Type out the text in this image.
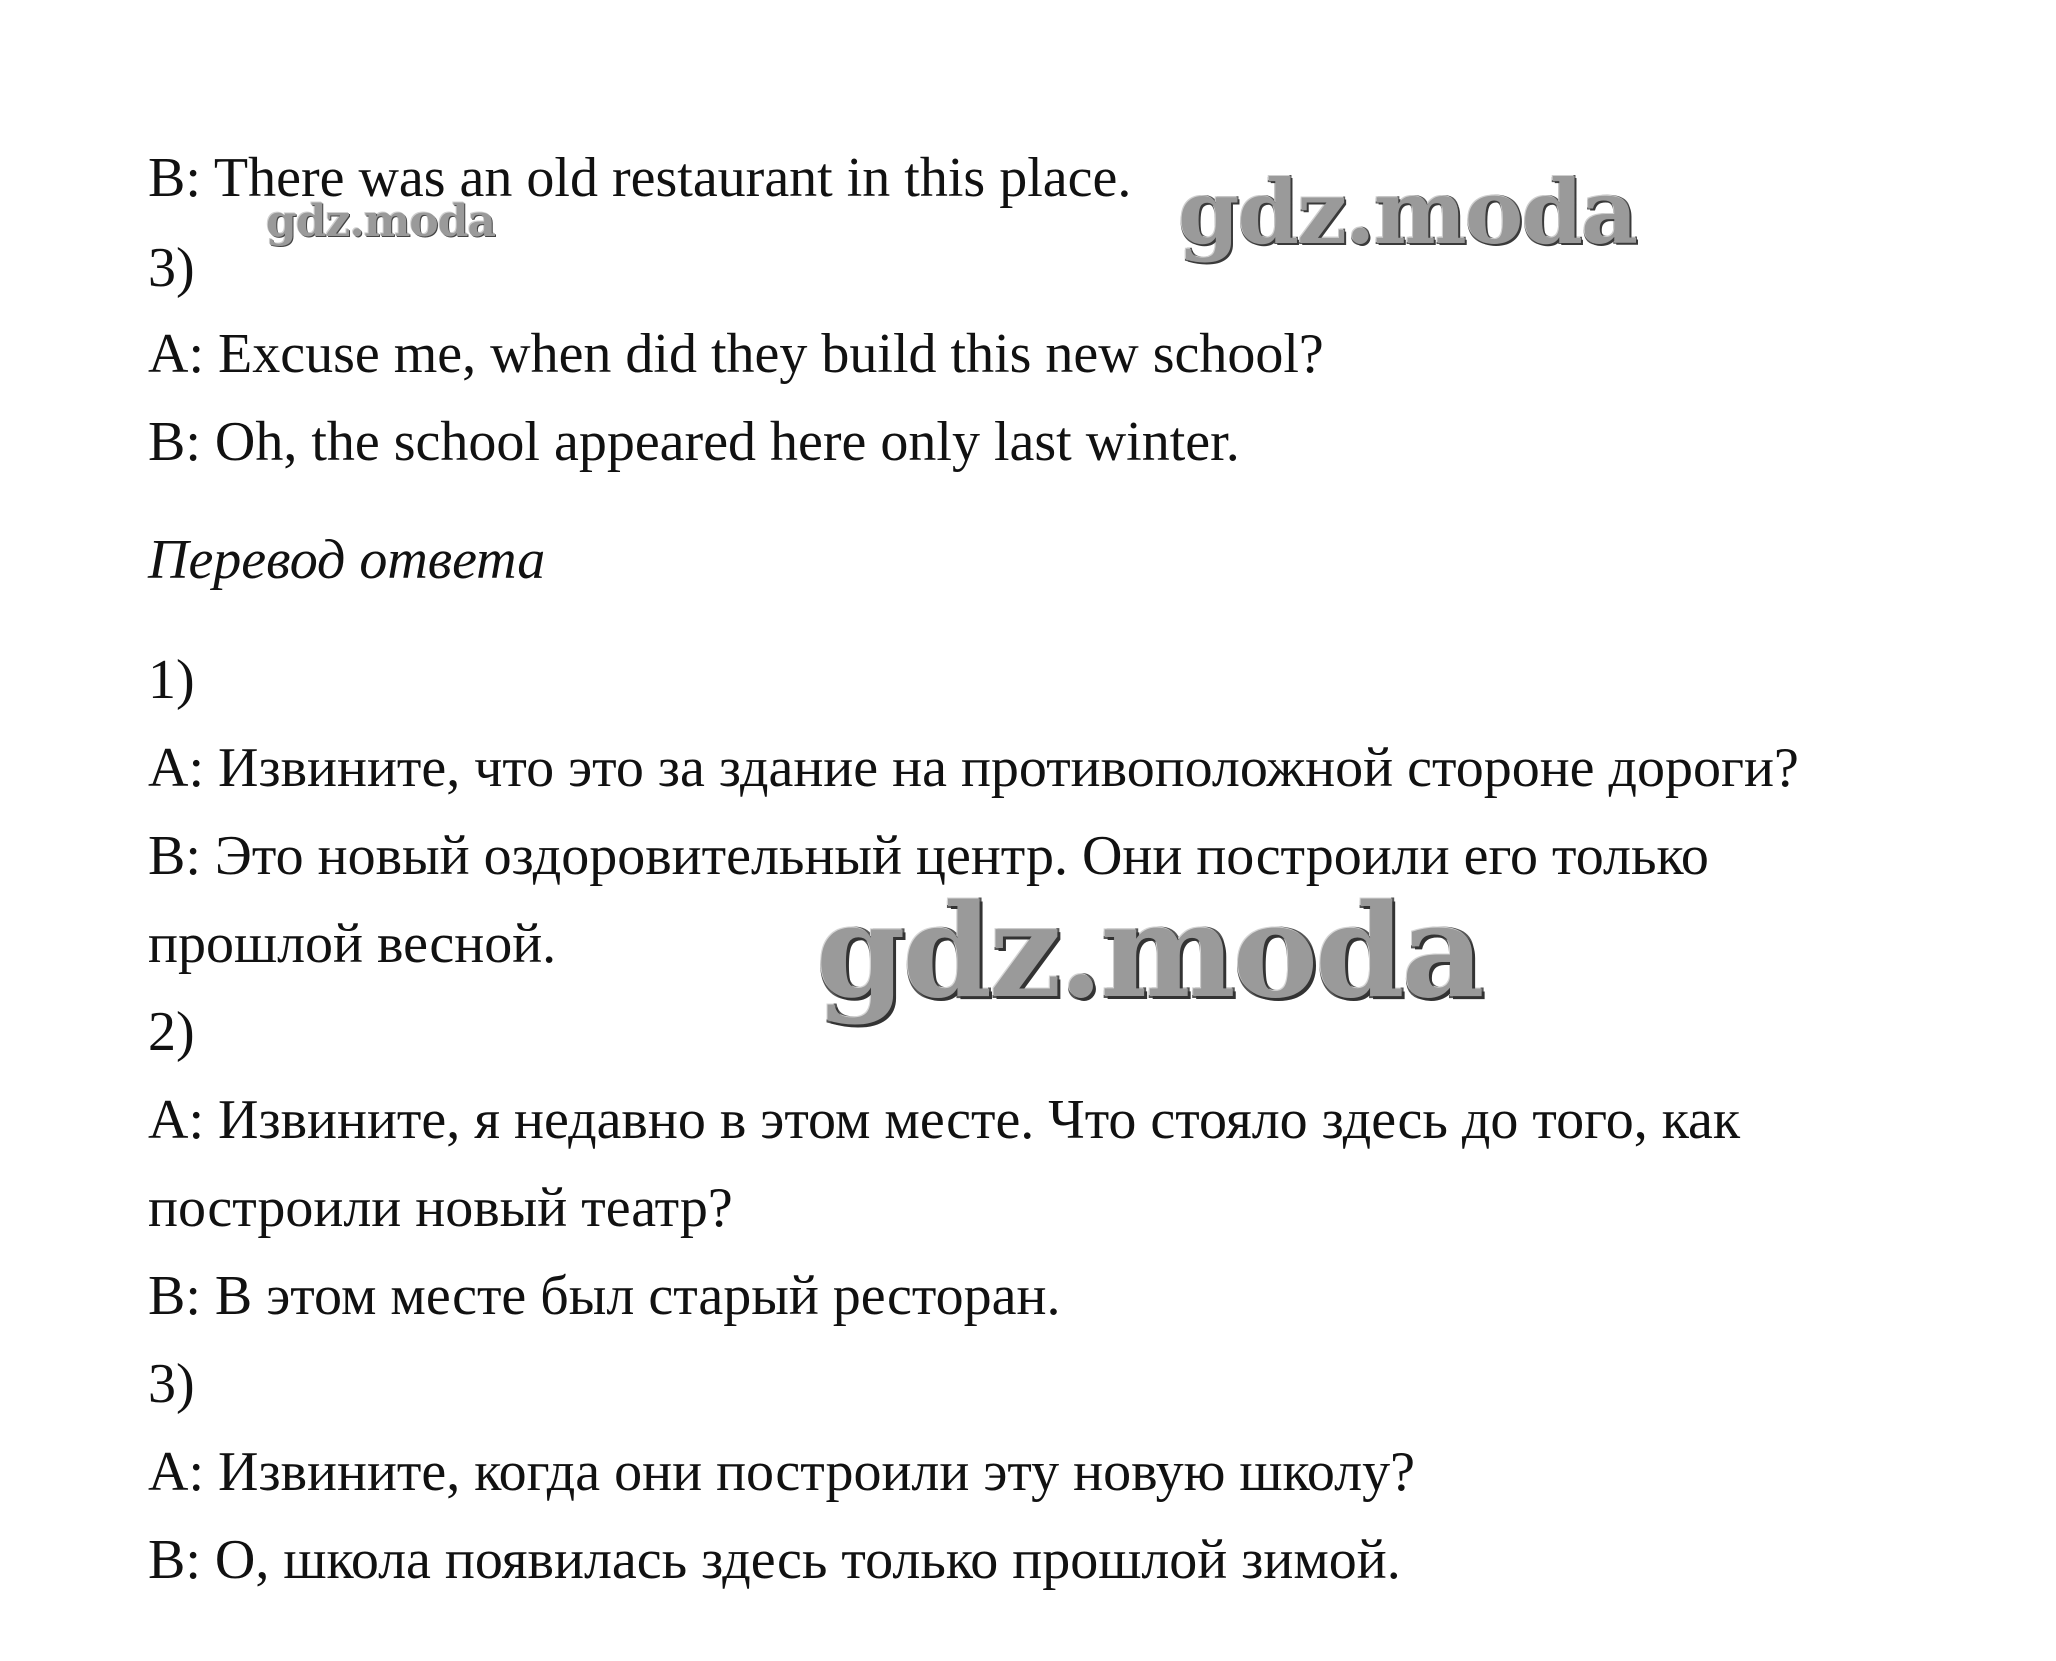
B: There was an old restaurant in this place.

3)

A: Excuse me, when did they build this new school?

B: Oh, the school appeared here only last winter.

Перевод ответа

1)

A: Извините, что это за здание на противоположной стороне дороги?

B: Это новый оздоровительный центр. Они построили его только

прошлой весной.

2)

A: Извините, я недавно в этом месте. Что стояло здесь до того, как

построили новый театр?

B: В этом месте был старый ресторан.

3)

A: Извините, когда они построили эту новую школу?

B: О, школа появилась здесь только прошлой зимой.

gdz.moda	gdz.moda
gdz.moda
